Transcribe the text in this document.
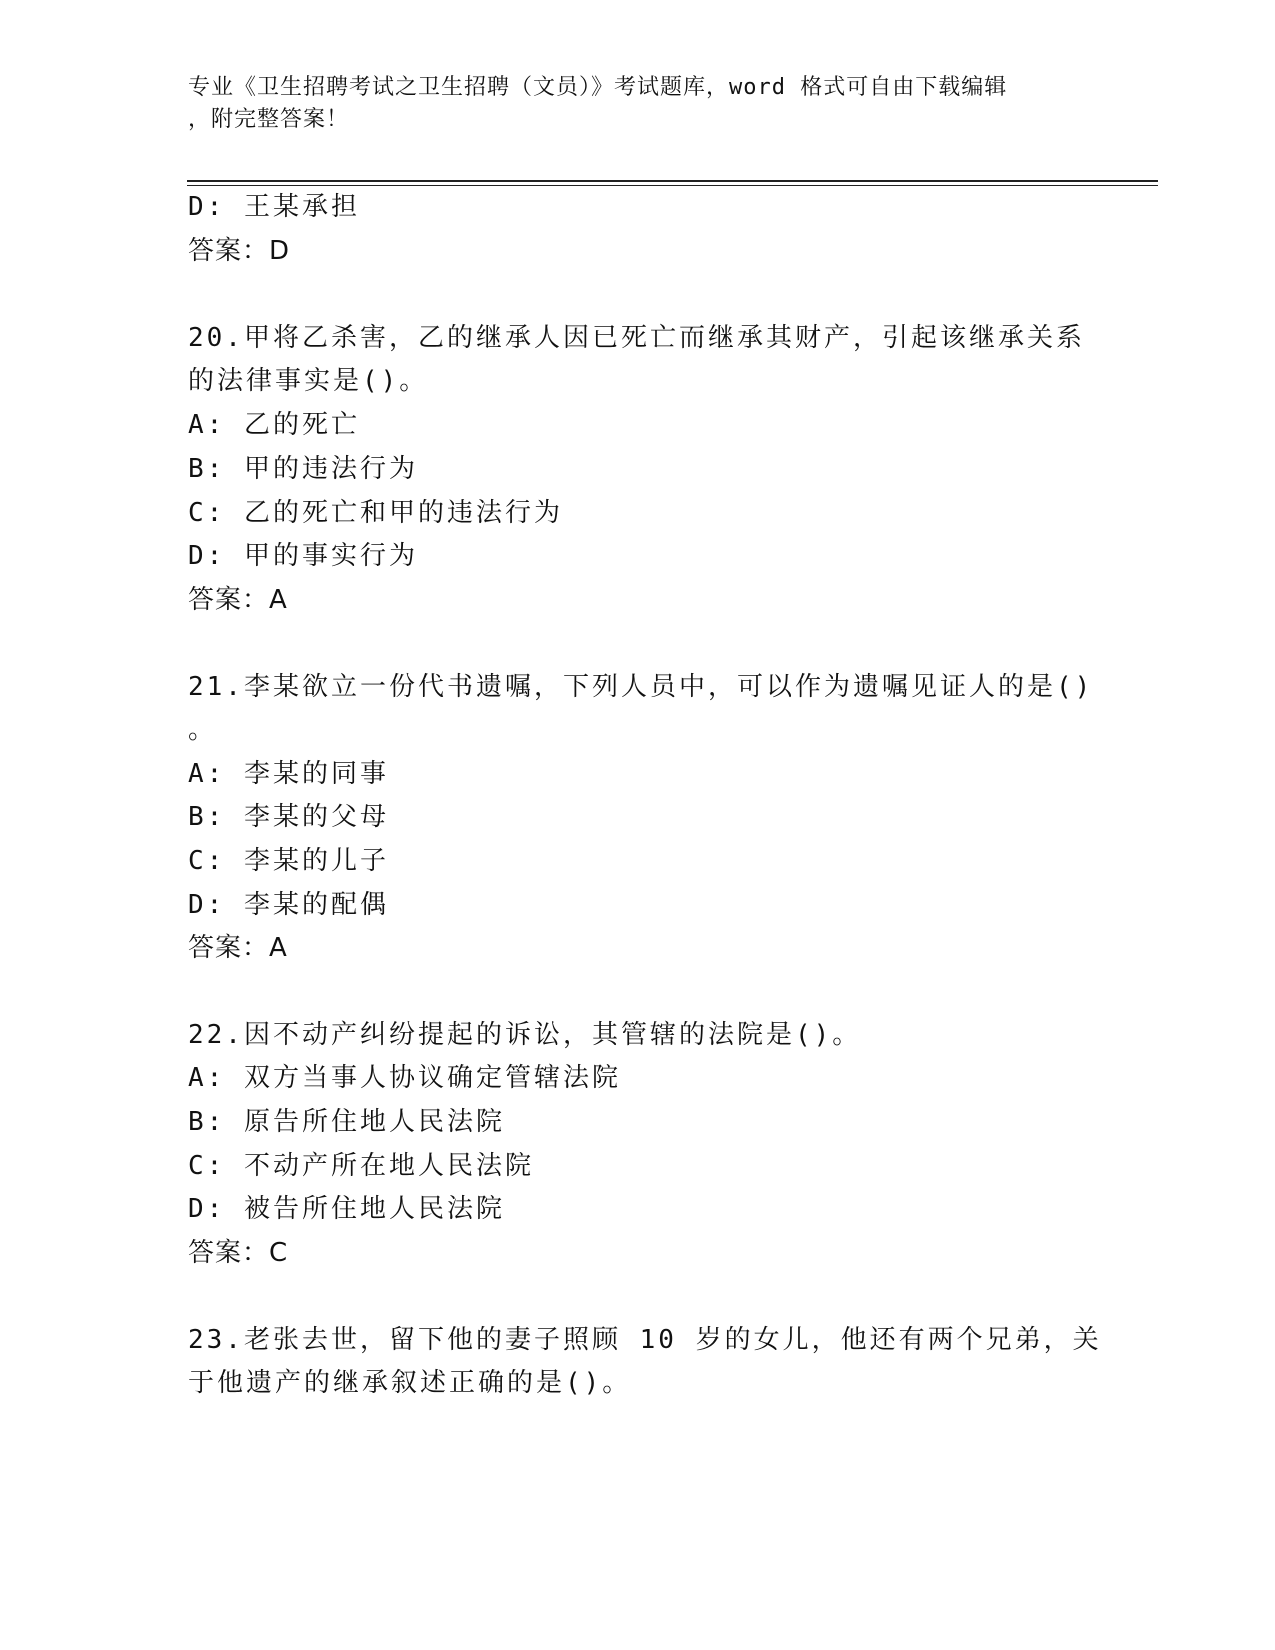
专业《卫生招聘考试之卫生招聘（文员）》考试题库，word 格式可自由下载编辑
，附完整答案！
D: 王某承担
答案：D
20.甲将乙杀害，乙的继承人因已死亡而继承其财产，引起该继承关系
的法律事实是()。
A: 乙的死亡
B: 甲的违法行为
C: 乙的死亡和甲的违法行为
D: 甲的事实行为
答案：A
21.李某欲立一份代书遗嘱，下列人员中，可以作为遗嘱见证人的是()
。
A: 李某的同事
B: 李某的父母
C: 李某的儿子
D: 李某的配偶
答案：A
22.因不动产纠纷提起的诉讼，其管辖的法院是()。
A: 双方当事人协议确定管辖法院
B: 原告所住地人民法院
C: 不动产所在地人民法院
D: 被告所住地人民法院
答案：C
23.老张去世，留下他的妻子照顾 10 岁的女儿，他还有两个兄弟，关
于他遗产的继承叙述正确的是()。
